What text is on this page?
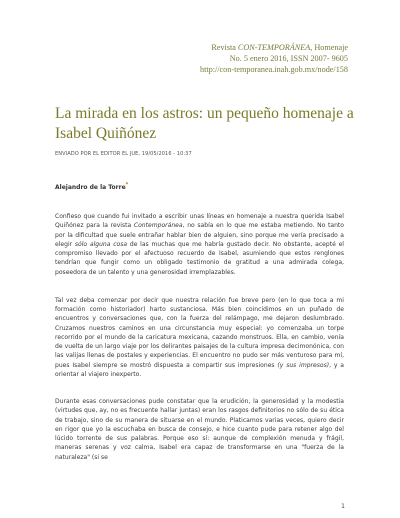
Revista CON-TEMPORÁNEA, Homenaje
No. 5 enero 2016, ISSN 2007- 9605
http://con-temporanea.inah.gob.mx/node/158
La mirada en los astros: un pequeño homenaje a Isabel Quiñónez
ENVIADO POR EL EDITOR EL JUE, 19/05/2016 - 10:37
Alejandro de la Torre*

Confieso que cuando fui invitado a escribir unas líneas en homenaje a nuestra querida Isabel Quiñónez para la revista Contemporánea, no sabía en lo que me estaba metiendo. No tanto por la dificultad que suele entrañar hablar bien de alguien, sino porque me vería precisado a elegir sólo alguna cosa de las muchas que me habría gustado decir. No obstante, acepté el compromiso llevado por el afectuoso recuerdo de Isabel, asumiendo que estos renglones tendrían que fungir como un obligado testimonio de gratitud a una admirada colega, poseedora de un talento y una generosidad irremplazables.

Tal vez deba comenzar por decir que nuestra relación fue breve pero (en lo que toca a mi formación como historiador) harto sustanciosa. Más bien coincidimos en un puñado de encuentros y conversaciones que, con la fuerza del relámpago, me dejaron deslumbrado. Cruzamos nuestros caminos en una circunstancia muy especial: yo comenzaba un torpe recorrido por el mundo de la caricatura mexicana, cazando monstruos. Ella, en cambio, venía de vuelta de un largo viaje por los delirantes paisajes de la cultura impresa decimonónica, con las valijas llenas de postales y experiencias. El encuentro no pudo ser más venturoso para mí, pues Isabel siempre se mostró dispuesta a compartir sus impresiones (y sus impresos), y a orientar al viajero inexperto.

Durante esas conversaciones pude constatar que la erudición, la generosidad y la modestia (virtudes que, ay, no es frecuente hallar juntas) eran los rasgos definitorios no sólo de su ética de trabajo, sino de su manera de situarse en el mundo. Platicamos varias veces, quiero decir en rigor que yo la escuchaba en busca de consejo, e hice cuanto pude para retener algo del lúcido torrente de sus palabras. Porque eso sí: aunque de complexión menuda y frágil, maneras serenas y voz calma, Isabel era capaz de transformarse en una "fuerza de la naturaleza" (si se

1
